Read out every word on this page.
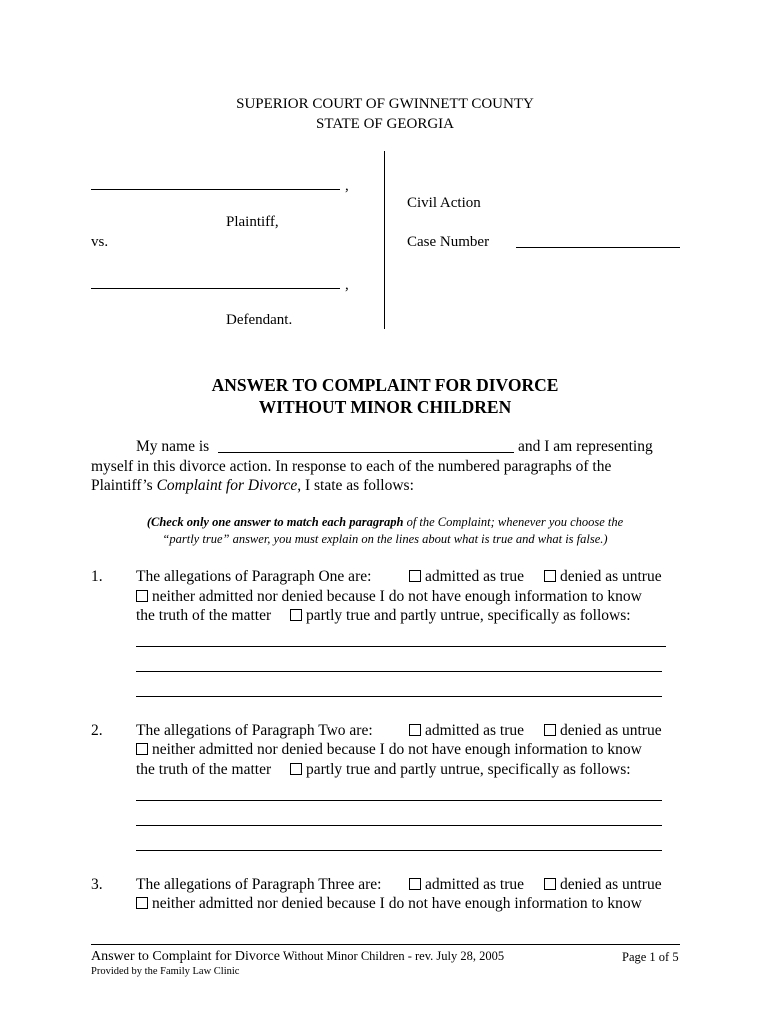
SUPERIOR COURT OF GWINNETT COUNTY
STATE OF GEORGIA
,
Plaintiff,
vs.
,
Defendant.
Civil Action
Case Number
ANSWER TO COMPLAINT FOR DIVORCE
WITHOUT MINOR CHILDREN
My name is	and I am representing
myself in this divorce action. In response to each of the numbered paragraphs of the
Plaintiff’s Complaint for Divorce, I state as follows:
(Check only one answer to match each paragraph of the Complaint; whenever you choose the
“partly true” answer, you must explain on the lines about what is true and what is false.)
1. The allegations of Paragraph One are:	admitted as true	denied as untrue
neither admitted nor denied because I do not have enough information to know
the truth of the matter	partly true and partly untrue, specifically as follows:
2. The allegations of Paragraph Two are:	admitted as true	denied as untrue
neither admitted nor denied because I do not have enough information to know
the truth of the matter	partly true and partly untrue, specifically as follows:
3. The allegations of Paragraph Three are:	admitted as true	denied as untrue
neither admitted nor denied because I do not have enough information to know
Answer to Complaint for Divorce Without Minor Children - rev. July 28, 2005	Page 1 of 5
Provided by the Family Law Clinic
